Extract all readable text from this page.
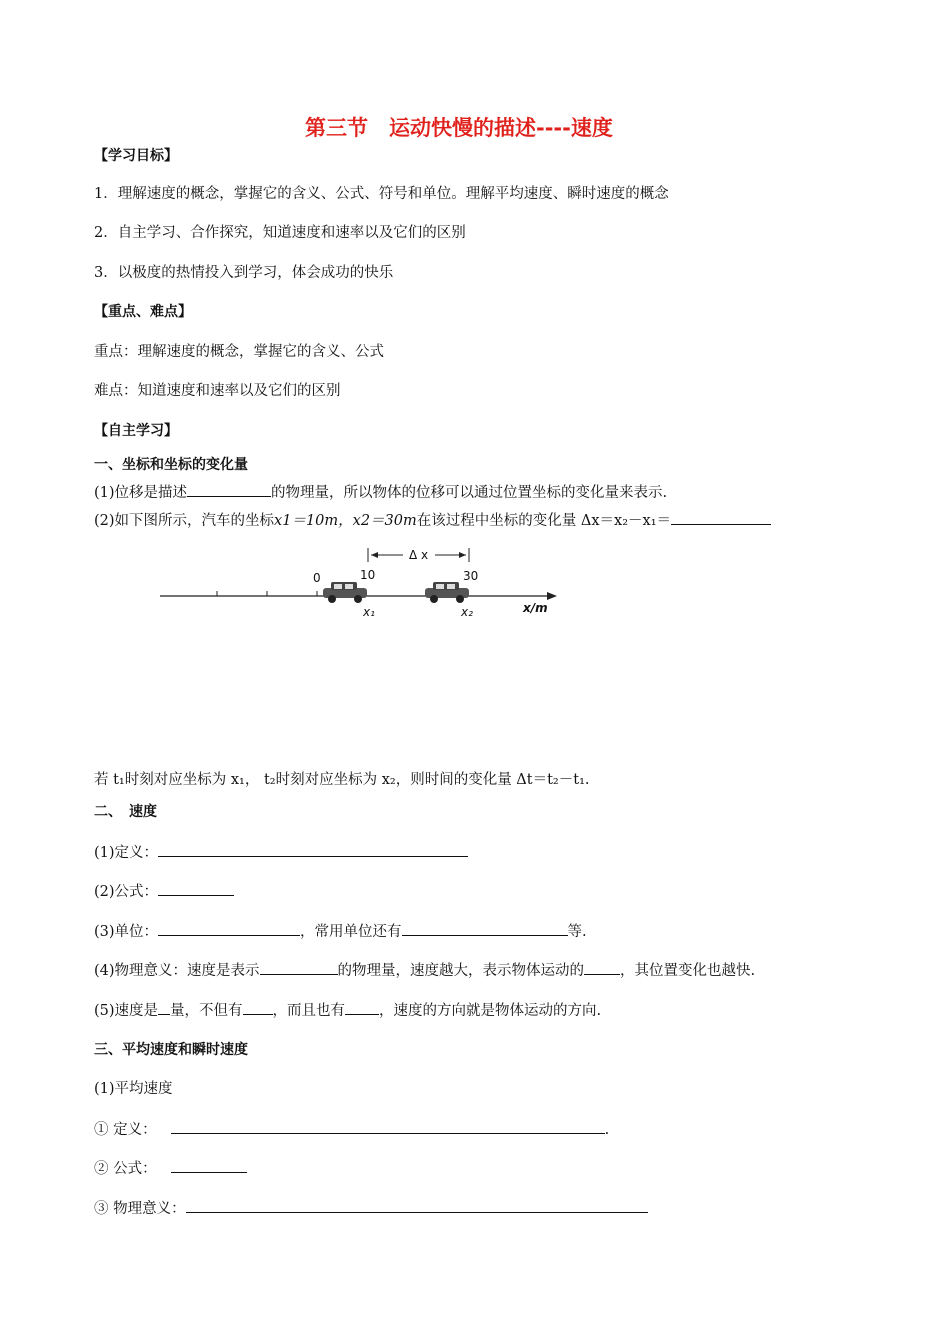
第三节　运动快慢的描述----速度
【学习目标】
1．理解速度的概念，掌握它的含义、公式、符号和单位。理解平均速度、瞬时速度的概念
2．自主学习、合作探究，知道速度和速率以及它们的区别
3．以极度的热情投入到学习，体会成功的快乐
【重点、难点】
重点：理解速度的概念，掌握它的含义、公式
难点：知道速度和速率以及它们的区别
【自主学习】
一、坐标和坐标的变化量
(1)位移是描述	的物理量，所以物体的位移可以通过位置坐标的变化量来表示.
(2)如下图所示，汽车的坐标x1＝10m，x2＝30m在该过程中坐标的变化量 Δx＝x₂－x₁＝
0	10	30
Δ x
x₁	x₂	x/m
若 t₁时刻对应坐标为 x₁， t₂时刻对应坐标为 x₂，则时间的变化量 Δt＝t₂－t₁.
二、　速度
(1)定义：
(2)公式：
(3)单位：	，常用单位还有	等.
(4)物理意义：速度是表示	的物理量，速度越大，表示物体运动的 ，其位置变化也越快.
(5)速度是 量，不但有 ，而且也有 ，速度的方向就是物体运动的方向.
三、平均速度和瞬时速度
(1)平均速度
① 定义：	.
② 公式：
③ 物理意义：
